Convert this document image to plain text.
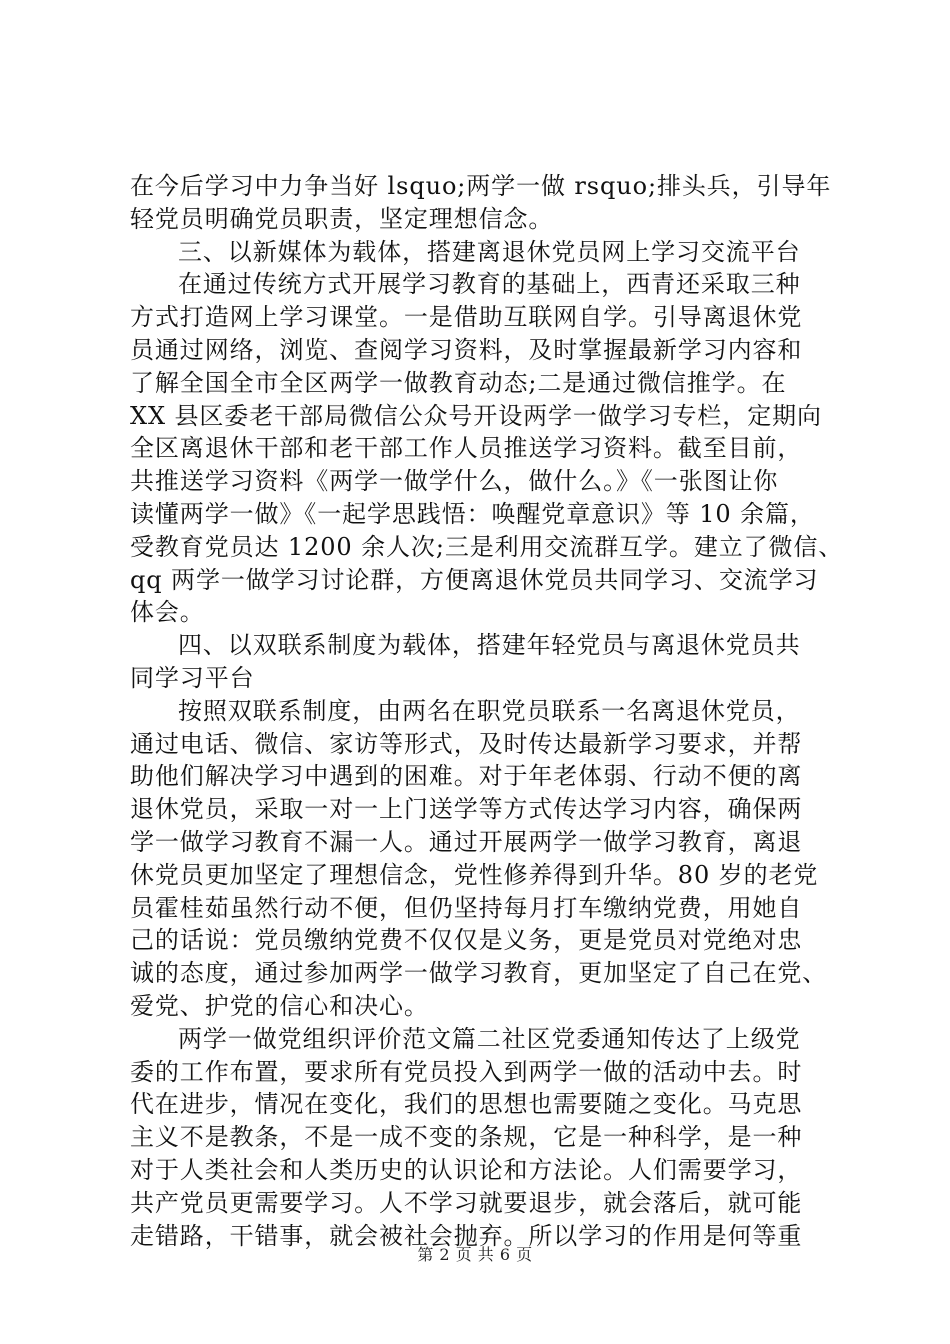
在今后学习中力争当好 lsquo;两学一做 rsquo;排头兵，引导年
轻党员明确党员职责，坚定理想信念。
三、以新媒体为载体，搭建离退休党员网上学习交流平台
在通过传统方式开展学习教育的基础上，西青还采取三种
方式打造网上学习课堂。一是借助互联网自学。引导离退休党
员通过网络，浏览、查阅学习资料，及时掌握最新学习内容和
了解全国全市全区两学一做教育动态;二是通过微信推学。在
XX 县区委老干部局微信公众号开设两学一做学习专栏，定期向
全区离退休干部和老干部工作人员推送学习资料。截至目前，
共推送学习资料《两学一做学什么，做什么。》《一张图让你
读懂两学一做》《一起学思践悟：唤醒党章意识》等 10 余篇，
受教育党员达 1200 余人次;三是利用交流群互学。建立了微信、
qq 两学一做学习讨论群，方便离退休党员共同学习、交流学习
体会。
四、以双联系制度为载体，搭建年轻党员与离退休党员共
同学习平台
按照双联系制度，由两名在职党员联系一名离退休党员，
通过电话、微信、家访等形式，及时传达最新学习要求，并帮
助他们解决学习中遇到的困难。对于年老体弱、行动不便的离
退休党员，采取一对一上门送学等方式传达学习内容，确保两
学一做学习教育不漏一人。通过开展两学一做学习教育，离退
休党员更加坚定了理想信念，党性修养得到升华。80 岁的老党
员霍桂茹虽然行动不便，但仍坚持每月打车缴纳党费，用她自
己的话说：党员缴纳党费不仅仅是义务，更是党员对党绝对忠
诚的态度，通过参加两学一做学习教育，更加坚定了自己在党、
爱党、护党的信心和决心。
两学一做党组织评价范文篇二社区党委通知传达了上级党
委的工作布置，要求所有党员投入到两学一做的活动中去。时
代在进步，情况在变化，我们的思想也需要随之变化。马克思
主义不是教条，不是一成不变的条规，它是一种科学，是一种
对于人类社会和人类历史的认识论和方法论。人们需要学习，
共产党员更需要学习。人不学习就要退步，就会落后，就可能
走错路，干错事，就会被社会抛弃。所以学习的作用是何等重
第 2 页 共 6 页
